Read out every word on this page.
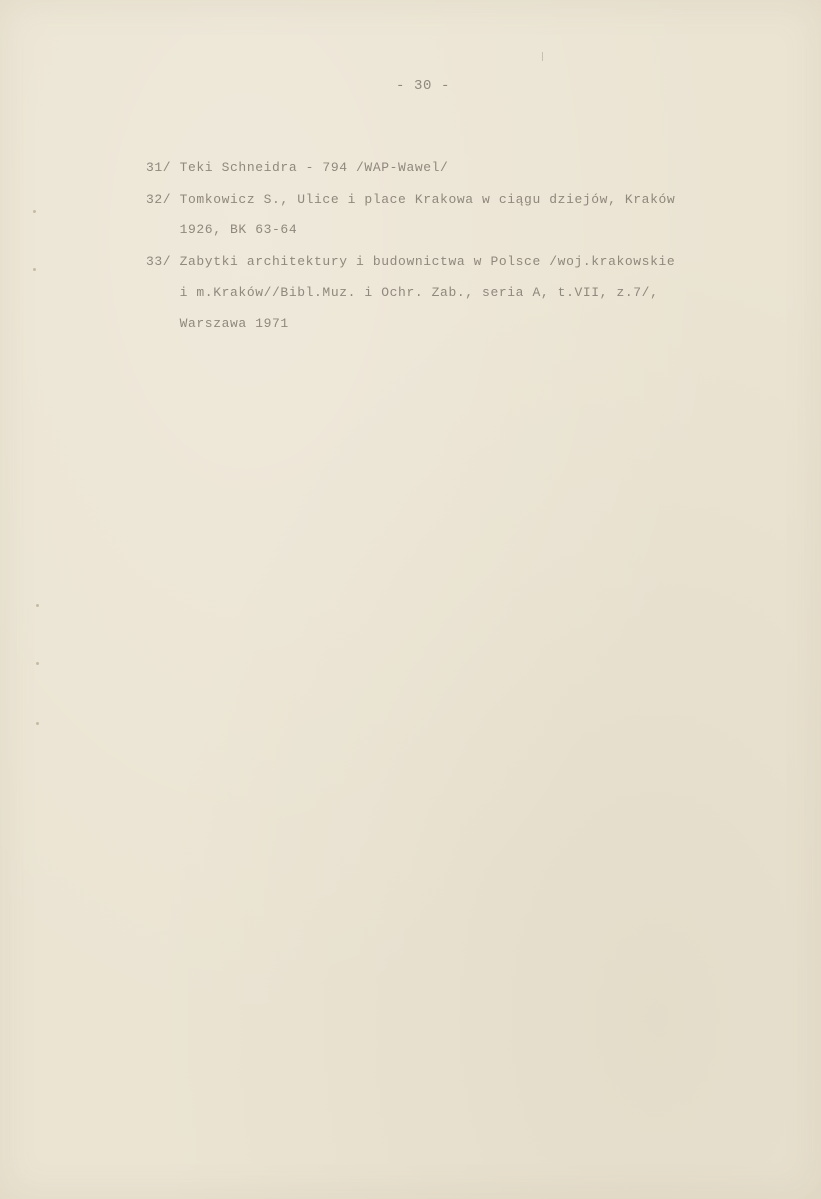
- 30 -
31/ Teki Schneidra - 794 /WAP-Wawel/
32/ Tomkowicz S., Ulice i place Krakowa w ciągu dziejów, Kraków
1926, BK 63-64
33/ Zabytki architektury i budownictwa w Polsce /woj.krakowskie
i m.Kraków//Bibl.Muz. i Ochr. Zab., seria A, t.VII, z.7/,
Warszawa 1971
